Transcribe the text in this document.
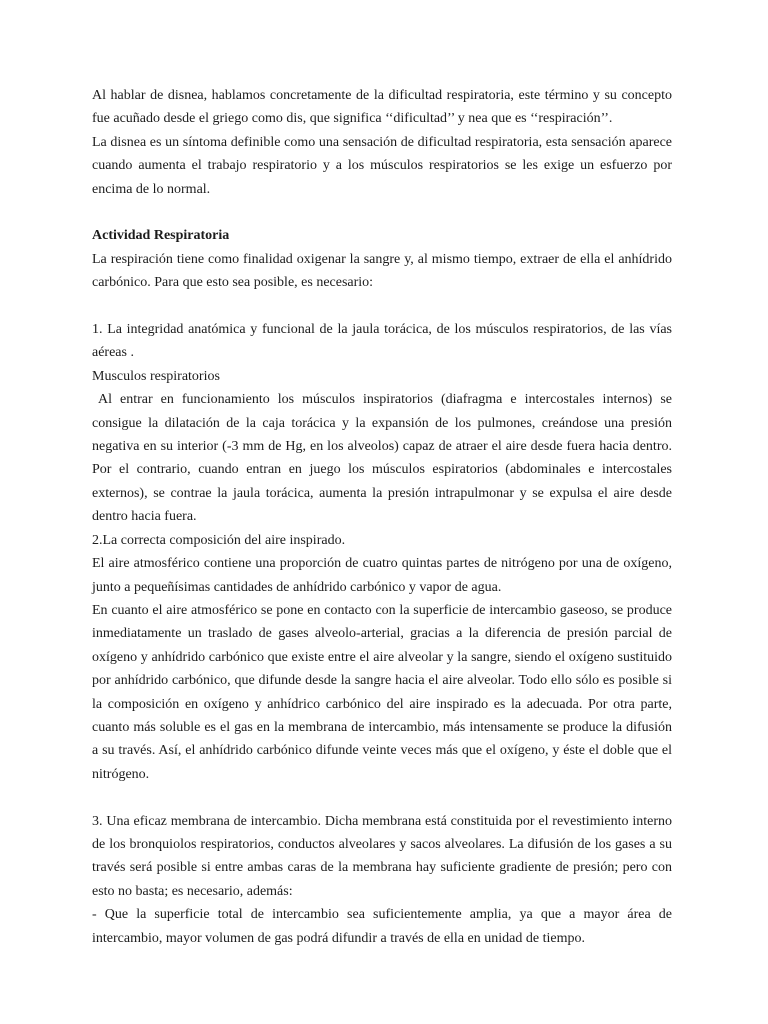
Al hablar de disnea, hablamos concretamente de la dificultad respiratoria, este término y su concepto fue acuñado desde el griego como dis, que significa ‘‘dificultad’’ y nea que es ‘‘respiración’’.

La disnea es un síntoma definible como una sensación de dificultad respiratoria, esta sensación aparece cuando aumenta el trabajo respiratorio y a los músculos respiratorios se les exige un esfuerzo por encima de lo normal.

Actividad Respiratoria

La respiración tiene como finalidad oxigenar la sangre y, al mismo tiempo, extraer de ella el anhídrido carbónico. Para que esto sea posible, es necesario:

1. La integridad anatómica y funcional de la jaula torácica, de los músculos respiratorios, de las vías aéreas .

Musculos respiratorios

Al entrar en funcionamiento los músculos inspiratorios (diafragma e intercostales internos) se consigue la dilatación de la caja torácica y la expansión de los pulmones, creándose una presión negativa en su interior (-3 mm de Hg, en los alveolos) capaz de atraer el aire desde fuera hacia dentro. Por el contrario, cuando entran en juego los músculos espiratorios (abdominales e intercostales externos), se contrae la jaula torácica, aumenta la presión intrapulmonar y se expulsa el aire desde dentro hacia fuera.

2.La correcta composición del aire inspirado.

El aire atmosférico contiene una proporción de cuatro quintas partes de nitrógeno por una de oxígeno, junto a pequeñísimas cantidades de anhídrido carbónico y vapor de agua.

En cuanto el aire atmosférico se pone en contacto con la superficie de intercambio gaseoso, se produce inmediatamente un traslado de gases alveolo-arterial, gracias a la diferencia de presión parcial de oxígeno y anhídrido carbónico que existe entre el aire alveolar y la sangre, siendo el oxígeno sustituido por anhídrido carbónico, que difunde desde la sangre hacia el aire alveolar. Todo ello sólo es posible si la composición en oxígeno y anhídrico carbónico del aire inspirado es la adecuada. Por otra parte, cuanto más soluble es el gas en la membrana de intercambio, más intensamente se produce la difusión a su través. Así, el anhídrido carbónico difunde veinte veces más que el oxígeno, y éste el doble que el nitrógeno.

3. Una eficaz membrana de intercambio. Dicha membrana está constituida por el revestimiento interno de los bronquiolos respiratorios, conductos alveolares y sacos alveolares. La difusión de los gases a su través será posible si entre ambas caras de la membrana hay suficiente gradiente de presión; pero con esto no basta; es necesario, además:

- Que la superficie total de intercambio sea suficientemente amplia, ya que a mayor área de intercambio, mayor volumen de gas podrá difundir a través de ella en unidad de tiempo.
